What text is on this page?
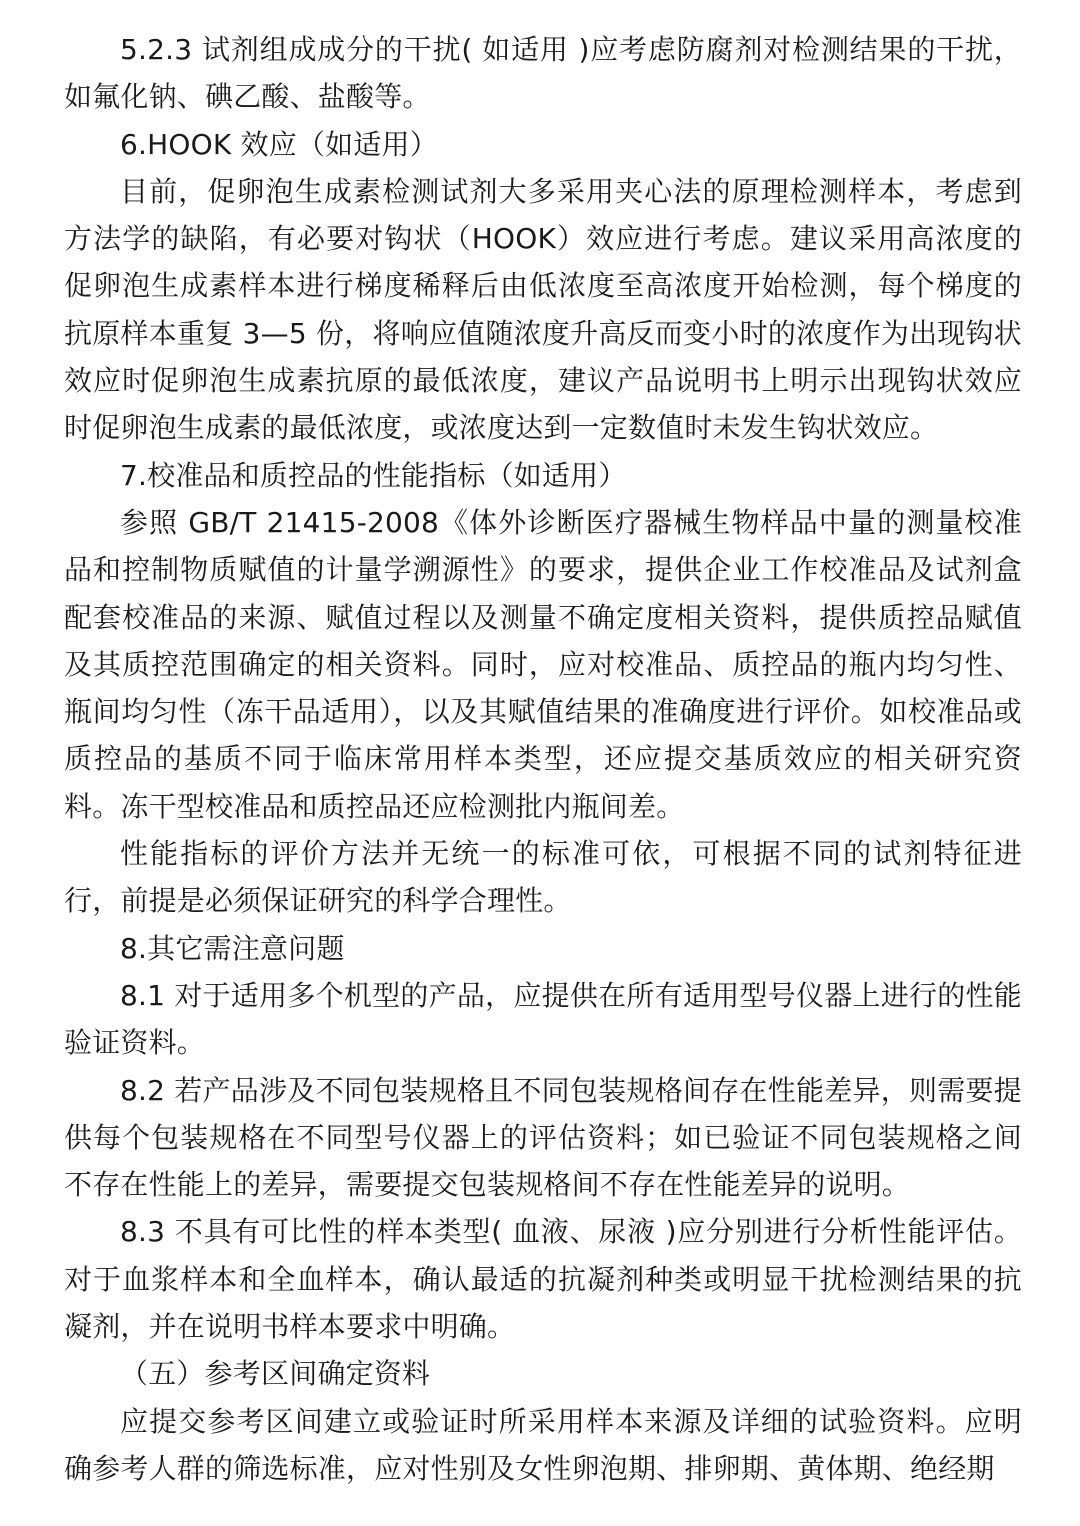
5.2.3 试剂组成成分的干扰( 如适用 )应考虑防腐剂对检测结果的干扰，如氟化钠、碘乙酸、盐酸等。

6.HOOK 效应（如适用）

目前，促卵泡生成素检测试剂大多采用夹心法的原理检测样本，考虑到方法学的缺陷，有必要对钩状（HOOK）效应进行考虑。建议采用高浓度的促卵泡生成素样本进行梯度稀释后由低浓度至高浓度开始检测，每个梯度的抗原样本重复 3—5 份，将响应值随浓度升高反而变小时的浓度作为出现钩状效应时促卵泡生成素抗原的最低浓度，建议产品说明书上明示出现钩状效应时促卵泡生成素的最低浓度，或浓度达到一定数值时未发生钩状效应。

7.校准品和质控品的性能指标（如适用）

参照 GB/T 21415-2008《体外诊断医疗器械生物样品中量的测量校准品和控制物质赋值的计量学溯源性》的要求，提供企业工作校准品及试剂盒配套校准品的来源、赋值过程以及测量不确定度相关资料，提供质控品赋值及其质控范围确定的相关资料。同时，应对校准品、质控品的瓶内均匀性、瓶间均匀性（冻干品适用），以及其赋值结果的准确度进行评价。如校准品或质控品的基质不同于临床常用样本类型，还应提交基质效应的相关研究资料。冻干型校准品和质控品还应检测批内瓶间差。

性能指标的评价方法并无统一的标准可依，可根据不同的试剂特征进行，前提是必须保证研究的科学合理性。

8.其它需注意问题

8.1 对于适用多个机型的产品，应提供在所有适用型号仪器上进行的性能验证资料。

8.2 若产品涉及不同包装规格且不同包装规格间存在性能差异，则需要提供每个包装规格在不同型号仪器上的评估资料；如已验证不同包装规格之间不存在性能上的差异，需要提交包装规格间不存在性能差异的说明。

8.3 不具有可比性的样本类型( 血液、尿液 )应分别进行分析性能评估。对于血浆样本和全血样本，确认最适的抗凝剂种类或明显干扰检测结果的抗凝剂，并在说明书样本要求中明确。

（五）参考区间确定资料

应提交参考区间建立或验证时所采用样本来源及详细的试验资料。应明确参考人群的筛选标准，应对性别及女性卵泡期、排卵期、黄体期、绝经期
